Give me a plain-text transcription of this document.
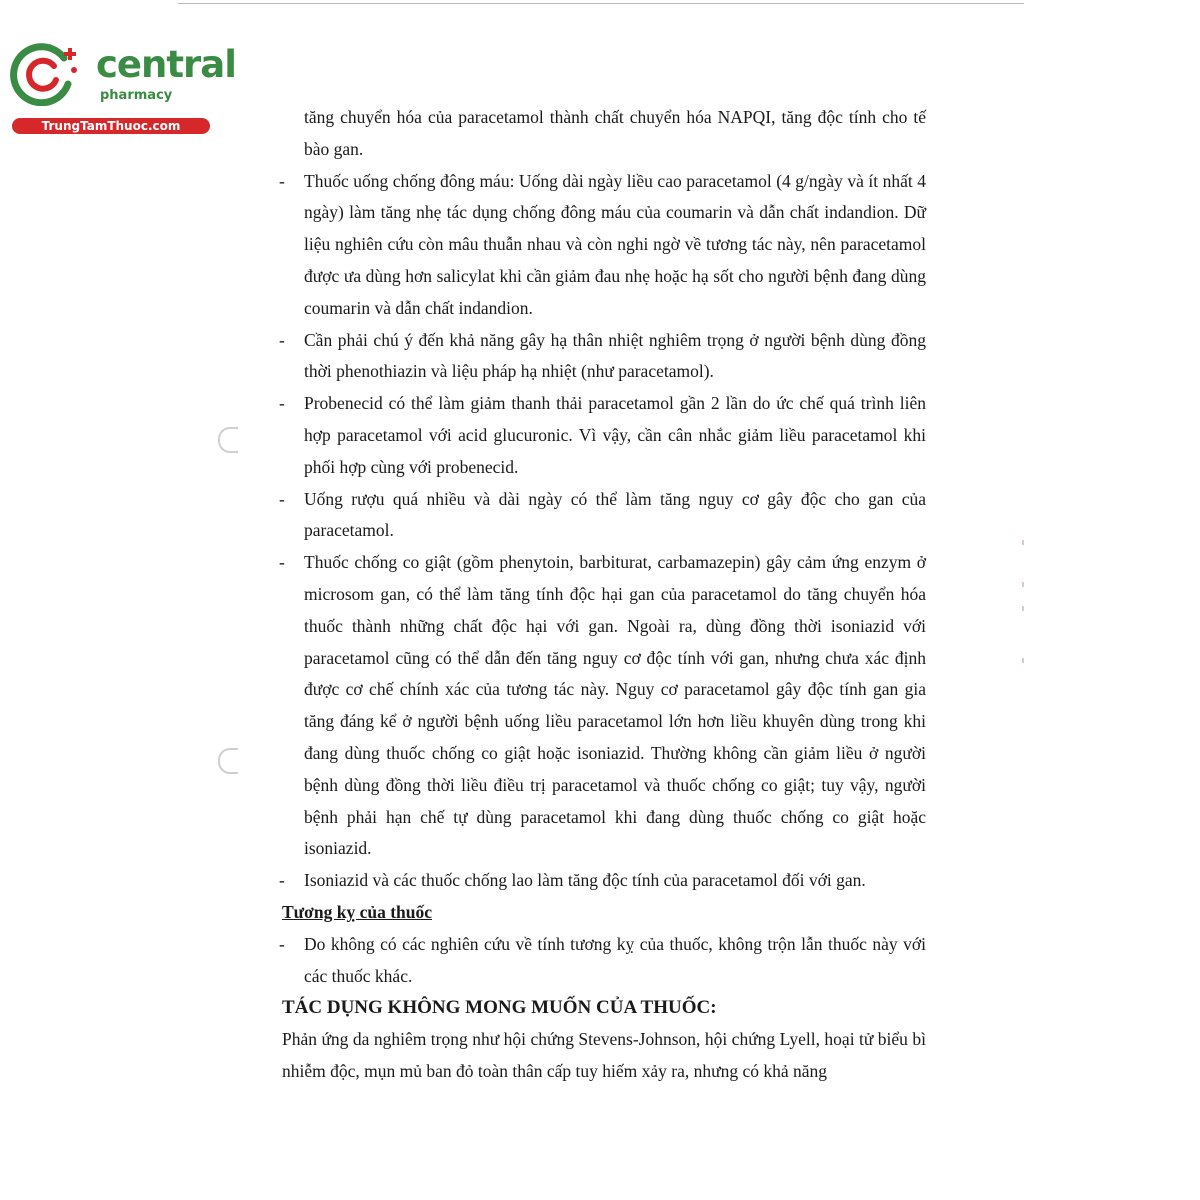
central
pharmacy
TrungTamThuoc.com	tăng chuyển hóa của paracetamol thành chất chuyển hóa NAPQI, tăng độc tính cho tế bào gan.

- Thuốc uống chống đông máu: Uống dài ngày liều cao paracetamol (4 g/ngày và ít nhất 4 ngày) làm tăng nhẹ tác dụng chống đông máu của coumarin và dẫn chất indandion. Dữ liệu nghiên cứu còn mâu thuẫn nhau và còn nghi ngờ về tương tác này, nên paracetamol được ưa dùng hơn salicylat khi cần giảm đau nhẹ hoặc hạ sốt cho người bệnh đang dùng coumarin và dẫn chất indandion.

- Cần phải chú ý đến khả năng gây hạ thân nhiệt nghiêm trọng ở người bệnh dùng đồng thời phenothiazin và liệu pháp hạ nhiệt (như paracetamol).

- Probenecid có thể làm giảm thanh thải paracetamol gần 2 lần do ức chế quá trình liên hợp paracetamol với acid glucuronic. Vì vậy, cần cân nhắc giảm liều paracetamol khi phối hợp cùng với probenecid.

- Uống rượu quá nhiều và dài ngày có thể làm tăng nguy cơ gây độc cho gan của paracetamol.

- Thuốc chống co giật (gồm phenytoin, barbiturat, carbamazepin) gây cảm ứng enzym ở microsom gan, có thể làm tăng tính độc hại gan của paracetamol do tăng chuyển hóa thuốc thành những chất độc hại với gan. Ngoài ra, dùng đồng thời isoniazid với paracetamol cũng có thể dẫn đến tăng nguy cơ độc tính với gan, nhưng chưa xác định được cơ chế chính xác của tương tác này. Nguy cơ paracetamol gây độc tính gan gia tăng đáng kể ở người bệnh uống liều paracetamol lớn hơn liều khuyên dùng trong khi đang dùng thuốc chống co giật hoặc isoniazid. Thường không cần giảm liều ở người bệnh dùng đồng thời liều điều trị paracetamol và thuốc chống co giật; tuy vậy, người bệnh phải hạn chế tự dùng paracetamol khi đang dùng thuốc chống co giật hoặc isoniazid.

- Isoniazid và các thuốc chống lao làm tăng độc tính của paracetamol đối với gan.

Tương kỵ của thuốc

- Do không có các nghiên cứu về tính tương kỵ của thuốc, không trộn lẫn thuốc này với các thuốc khác.

TÁC DỤNG KHÔNG MONG MUỐN CỦA THUỐC:

Phản ứng da nghiêm trọng như hội chứng Stevens-Johnson, hội chứng Lyell, hoại tử biểu bì nhiễm độc, mụn mủ ban đỏ toàn thân cấp tuy hiếm xảy ra, nhưng có khả năng
